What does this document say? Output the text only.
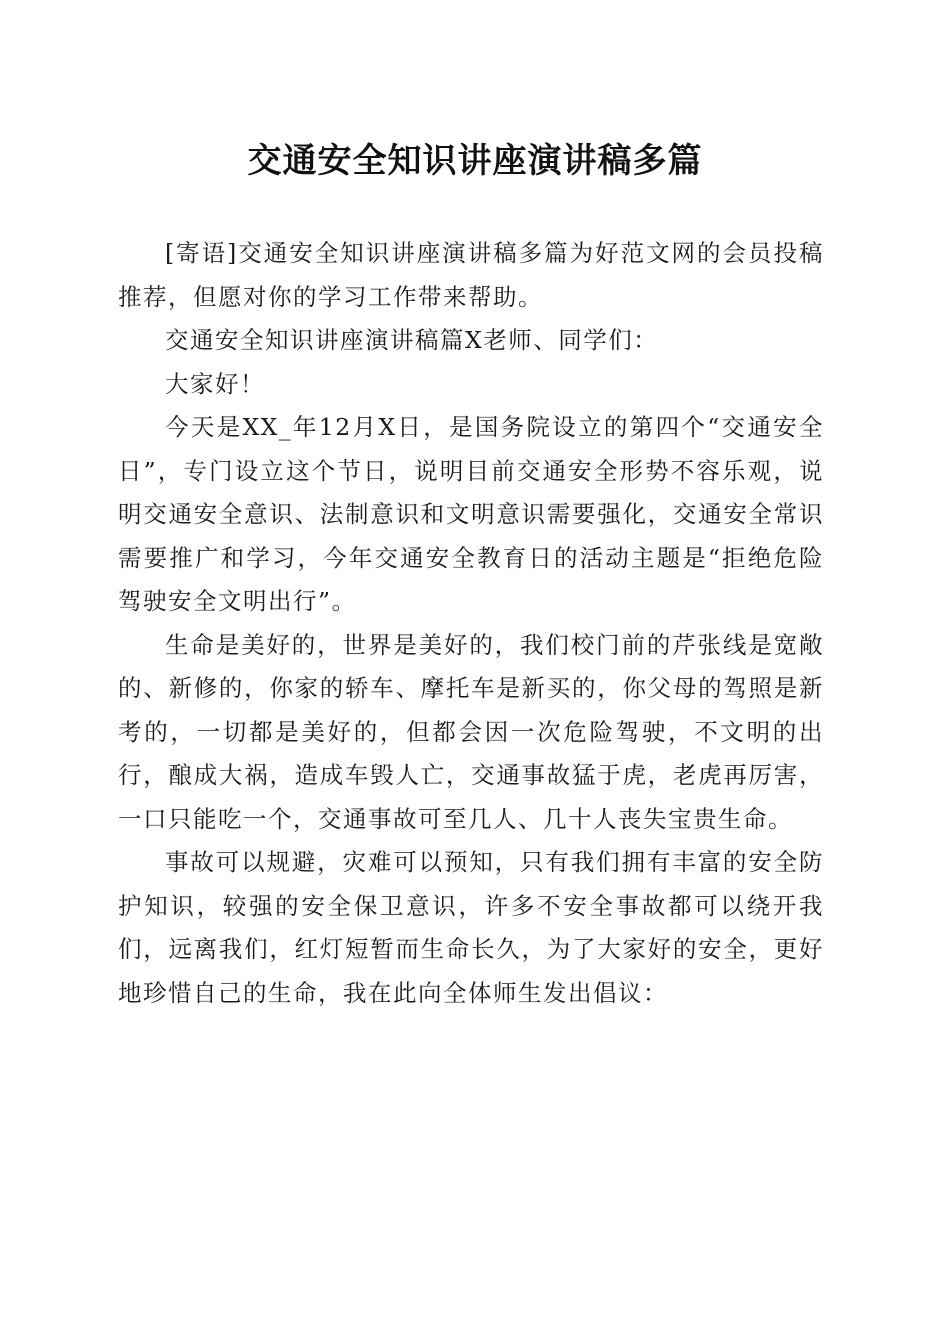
交通安全知识讲座演讲稿多篇

[寄语]交通安全知识讲座演讲稿多篇为好范文网的会员投稿推荐，但愿对你的学习工作带来帮助。

交通安全知识讲座演讲稿篇X老师、同学们：

大家好！

今天是XX_年12月X日，是国务院设立的第四个“交通安全日”，专门设立这个节日，说明目前交通安全形势不容乐观，说明交通安全意识、法制意识和文明意识需要强化，交通安全常识需要推广和学习，今年交通安全教育日的活动主题是“拒绝危险驾驶安全文明出行”。

生命是美好的，世界是美好的，我们校门前的芹张线是宽敞的、新修的，你家的轿车、摩托车是新买的，你父母的驾照是新考的，一切都是美好的，但都会因一次危险驾驶，不文明的出行，酿成大祸，造成车毁人亡，交通事故猛于虎，老虎再厉害，一口只能吃一个，交通事故可至几人、几十人丧失宝贵生命。

事故可以规避，灾难可以预知，只有我们拥有丰富的安全防护知识，较强的安全保卫意识，许多不安全事故都可以绕开我们，远离我们，红灯短暂而生命长久，为了大家好的安全，更好地珍惜自己的生命，我在此向全体师生发出倡议：
